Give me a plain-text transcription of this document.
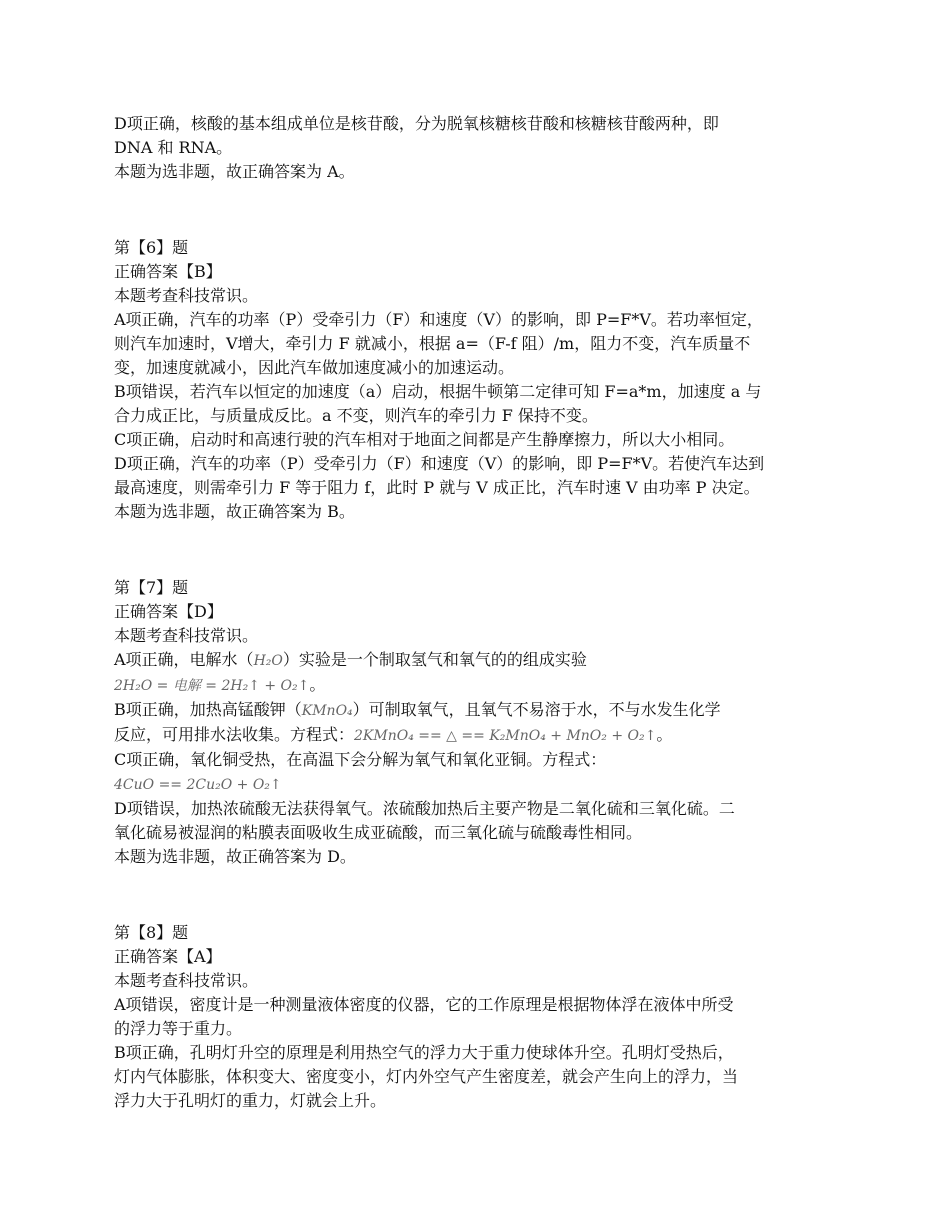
D项正确，核酸的基本组成单位是核苷酸，分为脱氧核糖核苷酸和核糖核苷酸两种，即
DNA 和 RNA。
本题为选非题，故正确答案为 A。
第【6】题
正确答案【B】
本题考查科技常识。
A项正确，汽车的功率（P）受牵引力（F）和速度（V）的影响，即 P=F*V。若功率恒定，
则汽车加速时，V增大，牵引力 F 就减小，根据 a=（F-f 阻）/m，阻力不变，汽车质量不
变，加速度就减小，因此汽车做加速度减小的加速运动。
B项错误，若汽车以恒定的加速度（a）启动，根据牛顿第二定律可知 F=a*m，加速度 a 与
合力成正比，与质量成反比。a 不变，则汽车的牵引力 F 保持不变。
C项正确，启动时和高速行驶的汽车相对于地面之间都是产生静摩擦力，所以大小相同。
D项正确，汽车的功率（P）受牵引力（F）和速度（V）的影响，即 P=F*V。若使汽车达到
最高速度，则需牵引力 F 等于阻力 f，此时 P 就与 V 成正比，汽车时速 V 由功率 P 决定。
本题为选非题，故正确答案为 B。
第【7】题
正确答案【D】
本题考查科技常识。
A项正确，电解水（H₂O）实验是一个制取氢气和氧气的的组成实验
2H₂O = 电解 = 2H₂↑ + O₂↑。
B项正确，加热高锰酸钾（KMnO₄）可制取氧气，且氧气不易溶于水，不与水发生化学
反应，可用排水法收集。方程式：2KMnO₄ == △ == K₂MnO₄ + MnO₂ + O₂↑。
C项正确，氧化铜受热，在高温下会分解为氧气和氧化亚铜。方程式：
4CuO == 2Cu₂O + O₂↑
D项错误，加热浓硫酸无法获得氧气。浓硫酸加热后主要产物是二氧化硫和三氧化硫。二
氧化硫易被湿润的粘膜表面吸收生成亚硫酸，而三氧化硫与硫酸毒性相同。
本题为选非题，故正确答案为 D。
第【8】题
正确答案【A】
本题考查科技常识。
A项错误，密度计是一种测量液体密度的仪器，它的工作原理是根据物体浮在液体中所受
的浮力等于重力。
B项正确，孔明灯升空的原理是利用热空气的浮力大于重力使球体升空。孔明灯受热后，
灯内气体膨胀，体积变大、密度变小，灯内外空气产生密度差，就会产生向上的浮力，当
浮力大于孔明灯的重力，灯就会上升。
